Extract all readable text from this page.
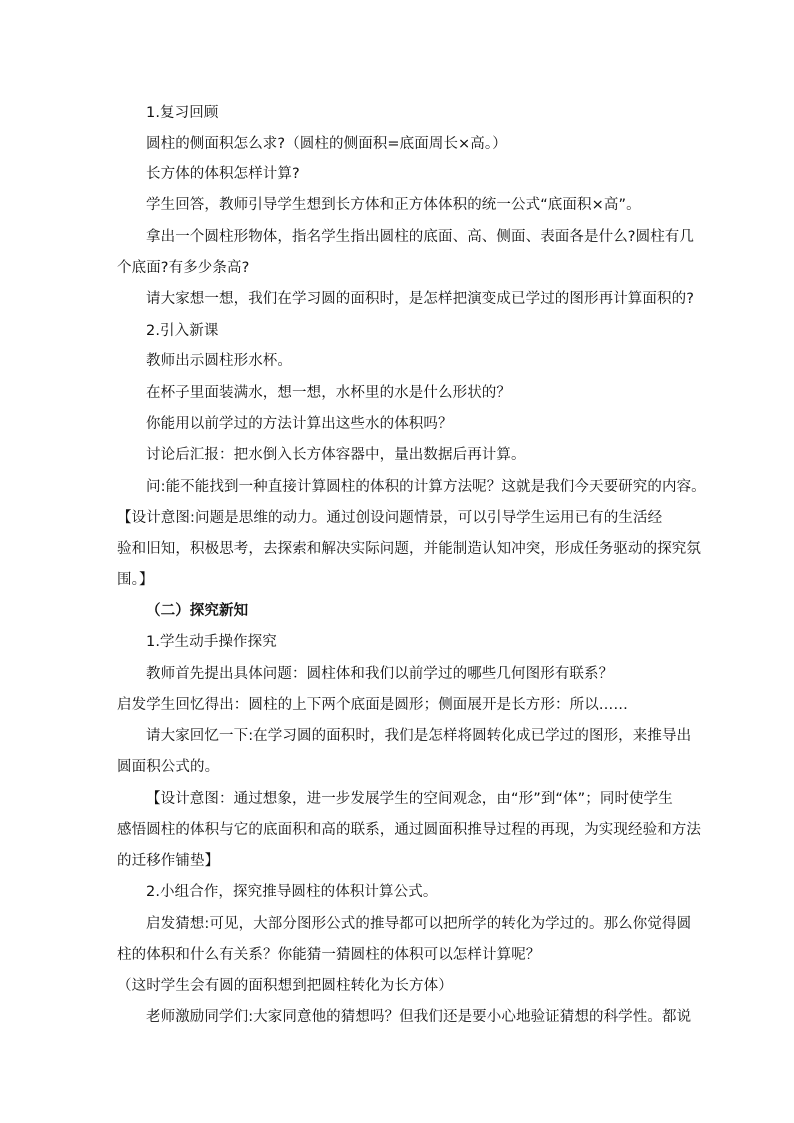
1.复习回顾
圆柱的侧面积怎么求?（圆柱的侧面积=底面周长×高。）
长方体的体积怎样计算?
学生回答，教师引导学生想到长方体和正方体体积的统一公式“底面积×高”。
拿出一个圆柱形物体，指名学生指出圆柱的底面、高、侧面、表面各是什么?圆柱有几
个底面?有多少条高?
请大家想一想，我们在学习圆的面积时，是怎样把演变成已学过的图形再计算面积的?
2.引入新课
教师出示圆柱形水杯。
在杯子里面装满水，想一想，水杯里的水是什么形状的？
你能用以前学过的方法计算出这些水的体积吗？
讨论后汇报：把水倒入长方体容器中，量出数据后再计算。
问:能不能找到一种直接计算圆柱的体积的计算方法呢？这就是我们今天要研究的内容。
【设计意图:问题是思维的动力。通过创设问题情景，可以引导学生运用已有的生活经
验和旧知，积极思考，去探索和解决实际问题，并能制造认知冲突，形成任务驱动的探究氛
围。】
（二）探究新知
1.学生动手操作探究
教师首先提出具体问题：圆柱体和我们以前学过的哪些几何图形有联系？
启发学生回忆得出：圆柱的上下两个底面是圆形；侧面展开是长方形：所以……
请大家回忆一下:在学习圆的面积时，我们是怎样将圆转化成已学过的图形，来推导出
圆面积公式的。
【设计意图：通过想象，进一步发展学生的空间观念，由“形”到“体”；同时使学生
感悟圆柱的体积与它的底面积和高的联系，通过圆面积推导过程的再现，为实现经验和方法
的迁移作铺垫】
2.小组合作，探究推导圆柱的体积计算公式。
启发猜想:可见，大部分图形公式的推导都可以把所学的转化为学过的。那么你觉得圆
柱的体积和什么有关系？你能猜一猜圆柱的体积可以怎样计算呢？
（这时学生会有圆的面积想到把圆柱转化为长方体）
老师激励同学们:大家同意他的猜想吗？但我们还是要小心地验证猜想的科学性。都说
